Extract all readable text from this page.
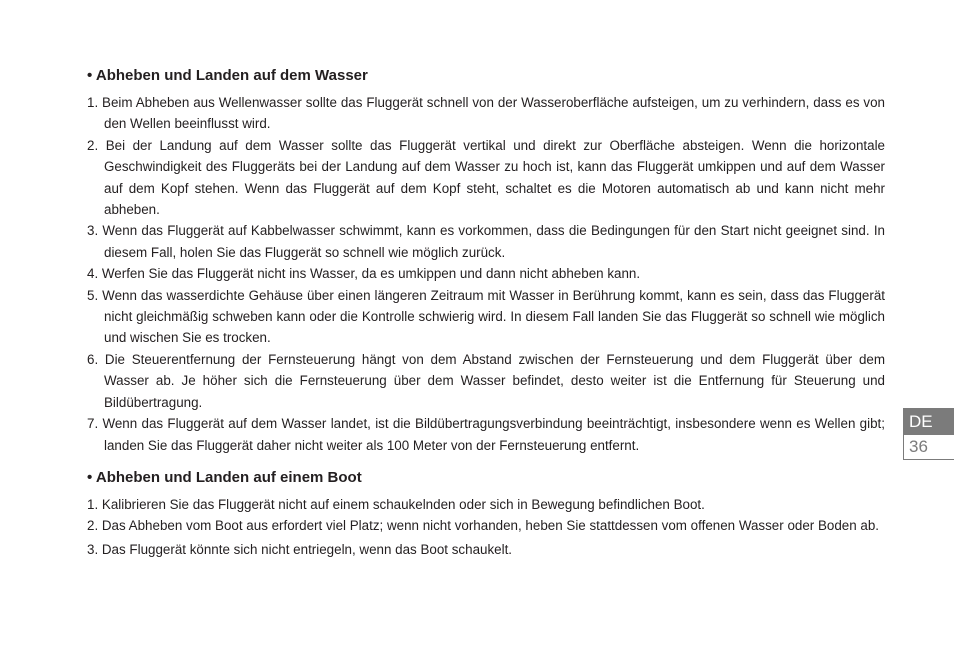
• Abheben und Landen auf dem Wasser
1. Beim Abheben aus Wellenwasser sollte das Fluggerät schnell von der Wasseroberfläche aufsteigen, um zu verhindern, dass es von den Wellen beeinflusst wird.
2. Bei der Landung auf dem Wasser sollte das Fluggerät vertikal und direkt zur Oberfläche absteigen. Wenn die horizontale Geschwindigkeit des Fluggeräts bei der Landung auf dem Wasser zu hoch ist, kann das Fluggerät umkippen und auf dem Wasser auf dem Kopf stehen. Wenn das Fluggerät auf dem Kopf steht, schaltet es die Motoren automatisch ab und kann nicht mehr abheben.
3. Wenn das Fluggerät auf Kabbelwasser schwimmt, kann es vorkommen, dass die Bedingungen für den Start nicht geeignet sind. In diesem Fall, holen Sie das Fluggerät so schnell wie möglich zurück.
4. Werfen Sie das Fluggerät nicht ins Wasser, da es umkippen und dann nicht abheben kann.
5. Wenn das wasserdichte Gehäuse über einen längeren Zeitraum mit Wasser in Berührung kommt, kann es sein, dass das Fluggerät nicht gleichmäßig schweben kann oder die Kontrolle schwierig wird. In diesem Fall landen Sie das Fluggerät so schnell wie möglich und wischen Sie es trocken.
6. Die Steuerentfernung der Fernsteuerung hängt von dem Abstand zwischen der Fernsteuerung und dem Fluggerät über dem Wasser ab. Je höher sich die Fernsteuerung über dem Wasser befindet, desto weiter ist die Entfernung für Steuerung und Bildübertragung.
7. Wenn das Fluggerät auf dem Wasser landet, ist die Bildübertragungsverbindung beeinträchtigt, insbesondere wenn es Wellen gibt; landen Sie das Fluggerät daher nicht weiter als 100 Meter von der Fernsteuerung entfernt.
• Abheben und Landen auf einem Boot
1. Kalibrieren Sie das Fluggerät nicht auf einem schaukelnden oder sich in Bewegung befindlichen Boot.
2. Das Abheben vom Boot aus erfordert viel Platz; wenn nicht vorhanden, heben Sie stattdessen vom offenen Wasser oder Boden ab.
3. Das Fluggerät könnte sich nicht entriegeln, wenn das Boot schaukelt.
DE
36
